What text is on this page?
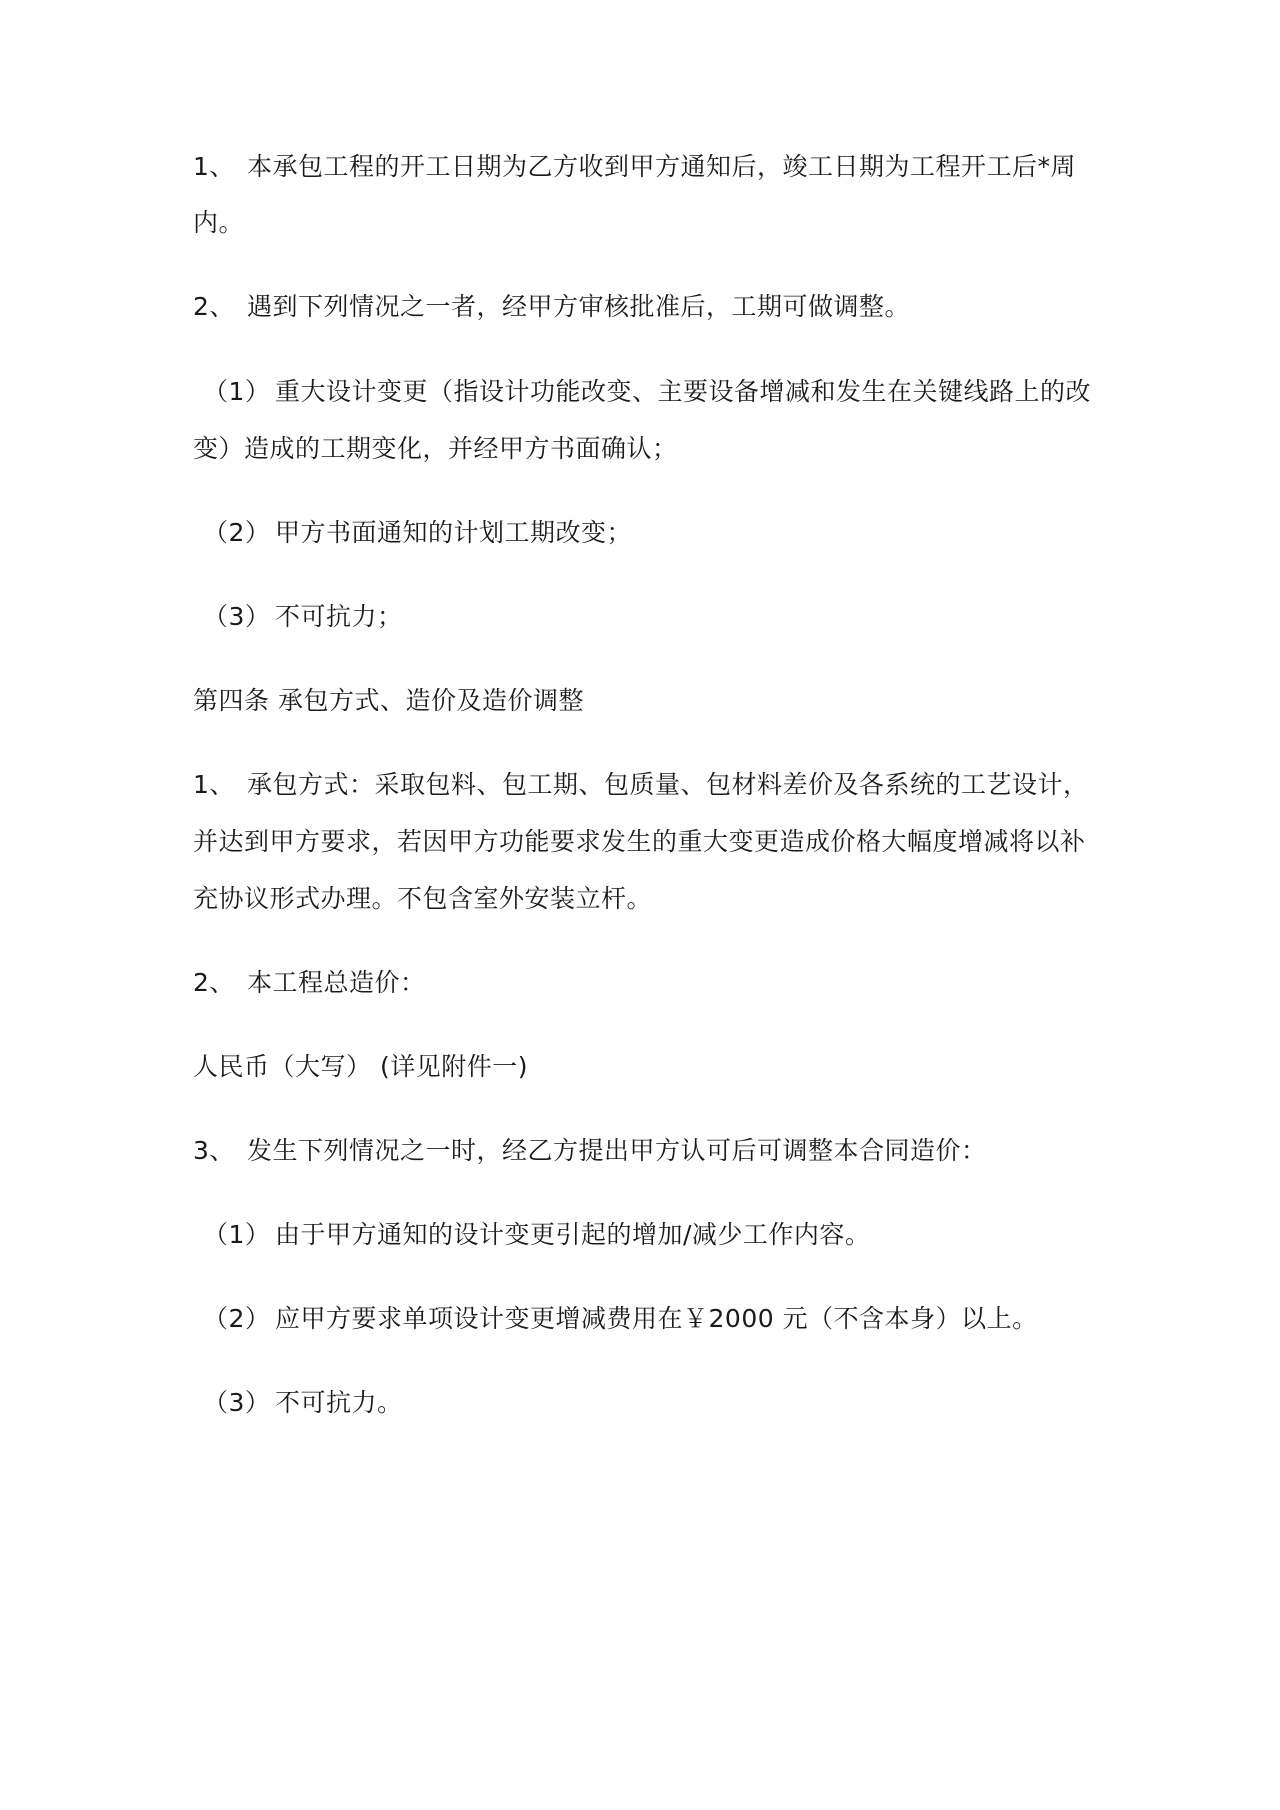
1、 本承包工程的开工日期为乙方收到甲方通知后，竣工日期为工程开工后*周
内。
2、 遇到下列情况之一者，经甲方审核批准后，工期可做调整。
（1） 重大设计变更（指设计功能改变、主要设备增减和发生在关键线路上的改
变）造成的工期变化，并经甲方书面确认；
（2） 甲方书面通知的计划工期改变；
（3） 不可抗力；
第四条 承包方式、造价及造价调整
1、 承包方式：采取包料、包工期、包质量、包材料差价及各系统的工艺设计，
并达到甲方要求，若因甲方功能要求发生的重大变更造成价格大幅度增减将以补
充协议形式办理。不包含室外安装立杆。
2、 本工程总造价：
人民币（大写） (详见附件一)
3、 发生下列情况之一时，经乙方提出甲方认可后可调整本合同造价：
（1） 由于甲方通知的设计变更引起的增加/减少工作内容。
（2） 应甲方要求单项设计变更增减费用在￥2000 元（不含本身）以上。
（3） 不可抗力。
